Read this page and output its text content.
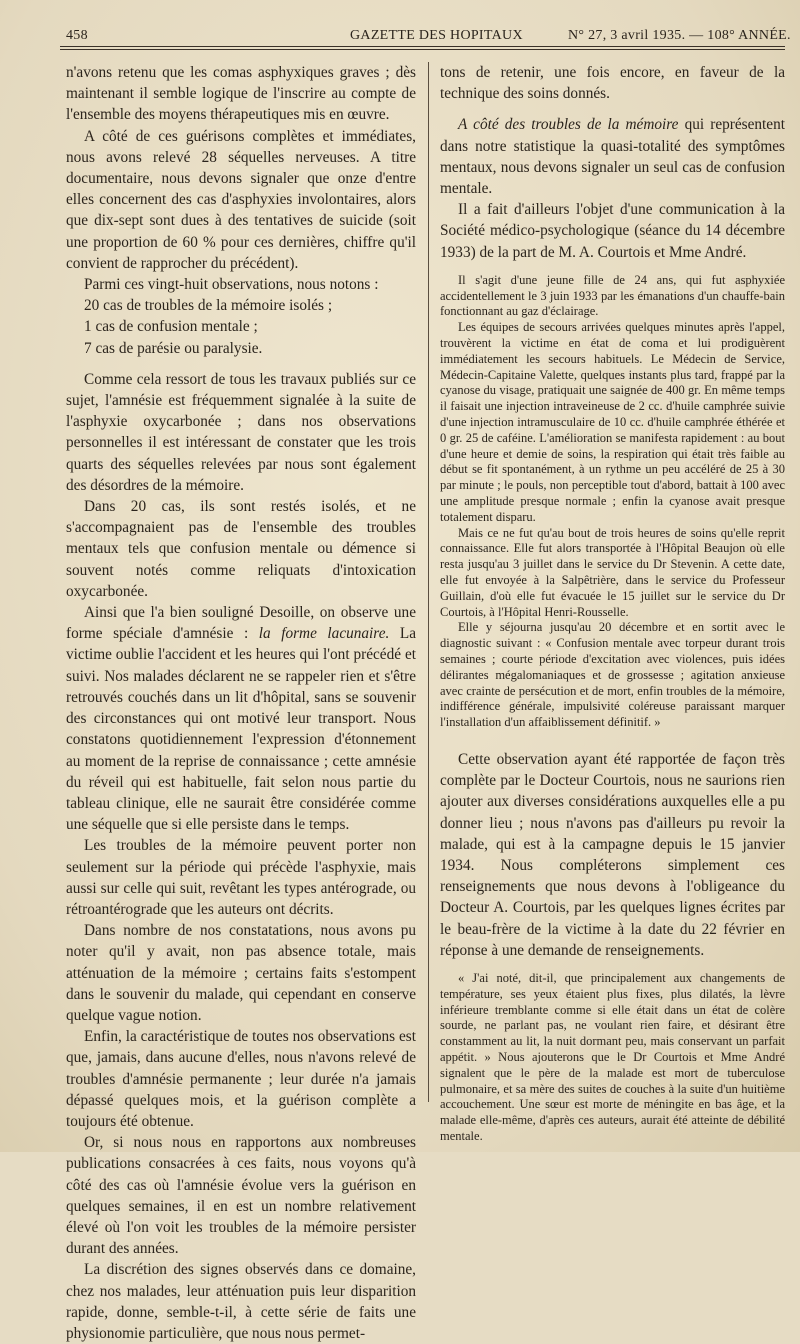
458	GAZETTE DES HOPITAUX	N° 27, 3 avril 1935. — 108° ANNÉE.

n'avons retenu que les comas asphyxiques graves ; dès maintenant il semble logique de l'inscrire au compte de l'ensemble des moyens thérapeutiques mis en œuvre.

A côté de ces guérisons complètes et immédiates, nous avons relevé 28 séquelles nerveuses. A titre documentaire, nous devons signaler que onze d'entre elles concernent des cas d'asphyxies involontaires, alors que dix-sept sont dues à des tentatives de suicide (soit une proportion de 60 % pour ces dernières, chiffre qu'il convient de rapprocher du précédent).

Parmi ces vingt-huit observations, nous notons :

20 cas de troubles de la mémoire isolés ;

1 cas de confusion mentale ;

7 cas de parésie ou paralysie.

Comme cela ressort de tous les travaux publiés sur ce sujet, l'amnésie est fréquemment signalée à la suite de l'asphyxie oxycarbonée ; dans nos observations personnelles il est intéressant de constater que les trois quarts des séquelles relevées par nous sont également des désordres de la mémoire.

Dans 20 cas, ils sont restés isolés, et ne s'accompagnaient pas de l'ensemble des troubles mentaux tels que confusion mentale ou démence si souvent notés comme reliquats d'intoxication oxycarbonée.

Ainsi que l'a bien souligné Desoille, on observe une forme spéciale d'amnésie : la forme lacunaire. La victime oublie l'accident et les heures qui l'ont précédé et suivi. Nos malades déclarent ne se rappeler rien et s'être retrouvés couchés dans un lit d'hôpital, sans se souvenir des circonstances qui ont motivé leur transport. Nous constatons quotidiennement l'expression d'étonnement au moment de la reprise de connaissance ; cette amnésie du réveil qui est habituelle, fait selon nous partie du tableau clinique, elle ne saurait être considérée comme une séquelle que si elle persiste dans le temps.

Les troubles de la mémoire peuvent porter non seulement sur la période qui précède l'asphyxie, mais aussi sur celle qui suit, revêtant les types antérograde, ou rétroantérograde que les auteurs ont décrits.

Dans nombre de nos constatations, nous avons pu noter qu'il y avait, non pas absence totale, mais atténuation de la mémoire ; certains faits s'estompent dans le souvenir du malade, qui cependant en conserve quelque vague notion.

Enfin, la caractéristique de toutes nos observations est que, jamais, dans aucune d'elles, nous n'avons relevé de troubles d'amnésie permanente ; leur durée n'a jamais dépassé quelques mois, et la guérison complète a toujours été obtenue.

Or, si nous nous en rapportons aux nombreuses publications consacrées à ces faits, nous voyons qu'à côté des cas où l'amnésie évolue vers la guérison en quelques semaines, il en est un nombre relativement élevé où l'on voit les troubles de la mémoire persister durant des années.

La discrétion des signes observés dans ce domaine, chez nos malades, leur atténuation puis leur disparition rapide, donne, semble-t-il, à cette série de faits une physionomie particulière, que nous nous permet-

tons de retenir, une fois encore, en faveur de la technique des soins donnés.

A côté des troubles de la mémoire qui représentent dans notre statistique la quasi-totalité des symptômes mentaux, nous devons signaler un seul cas de confusion mentale.

Il a fait d'ailleurs l'objet d'une communication à la Société médico-psychologique (séance du 14 décembre 1933) de la part de M. A. Courtois et Mme André.

Il s'agit d'une jeune fille de 24 ans, qui fut asphyxiée accidentellement le 3 juin 1933 par les émanations d'un chauffe-bain fonctionnant au gaz d'éclairage.

Les équipes de secours arrivées quelques minutes après l'appel, trouvèrent la victime en état de coma et lui prodiguèrent immédiatement les secours habituels. Le Médecin de Service, Médecin-Capitaine Valette, quelques instants plus tard, frappé par la cyanose du visage, pratiquait une saignée de 400 gr. En même temps il faisait une injection intraveineuse de 2 cc. d'huile camphrée suivie d'une injection intramusculaire de 10 cc. d'huile camphrée éthérée et 0 gr. 25 de caféine. L'amélioration se manifesta rapidement : au bout d'une heure et demie de soins, la respiration qui était très faible au début se fit spontanément, à un rythme un peu accéléré de 25 à 30 par minute ; le pouls, non perceptible tout d'abord, battait à 100 avec une amplitude presque normale ; enfin la cyanose avait presque totalement disparu.

Mais ce ne fut qu'au bout de trois heures de soins qu'elle reprit connaissance. Elle fut alors transportée à l'Hôpital Beaujon où elle resta jusqu'au 3 juillet dans le service du Dr Stevenin. A cette date, elle fut envoyée à la Salpêtrière, dans le service du Professeur Guillain, d'où elle fut évacuée le 15 juillet sur le service du Dr Courtois, à l'Hôpital Henri-Rousselle.

Elle y séjourna jusqu'au 20 décembre et en sortit avec le diagnostic suivant : « Confusion mentale avec torpeur durant trois semaines ; courte période d'excitation avec violences, puis idées délirantes mégalomaniaques et de grossesse ; agitation anxieuse avec crainte de persécution et de mort, enfin troubles de la mémoire, indifférence générale, impulsivité coléreuse paraissant marquer l'installation d'un affaiblissement définitif. »

Cette observation ayant été rapportée de façon très complète par le Docteur Courtois, nous ne saurions rien ajouter aux diverses considérations auxquelles elle a pu donner lieu ; nous n'avons pas d'ailleurs pu revoir la malade, qui est à la campagne depuis le 15 janvier 1934. Nous compléterons simplement ces renseignements que nous devons à l'obligeance du Docteur A. Courtois, par les quelques lignes écrites par le beau-frère de la victime à la date du 22 février en réponse à une demande de renseignements.

« J'ai noté, dit-il, que principalement aux changements de température, ses yeux étaient plus fixes, plus dilatés, la lèvre inférieure tremblante comme si elle était dans un état de colère sourde, ne parlant pas, ne voulant rien faire, et désirant être constamment au lit, la nuit dormant peu, mais conservant un parfait appétit. » Nous ajouterons que le Dr Courtois et Mme André signalent que le père de la malade est mort de tuberculose pulmonaire, et sa mère des suites de couches à la suite d'un huitième accouchement. Une sœur est morte de méningite en bas âge, et la malade elle-même, d'après ces auteurs, aurait été atteinte de débilité mentale.
